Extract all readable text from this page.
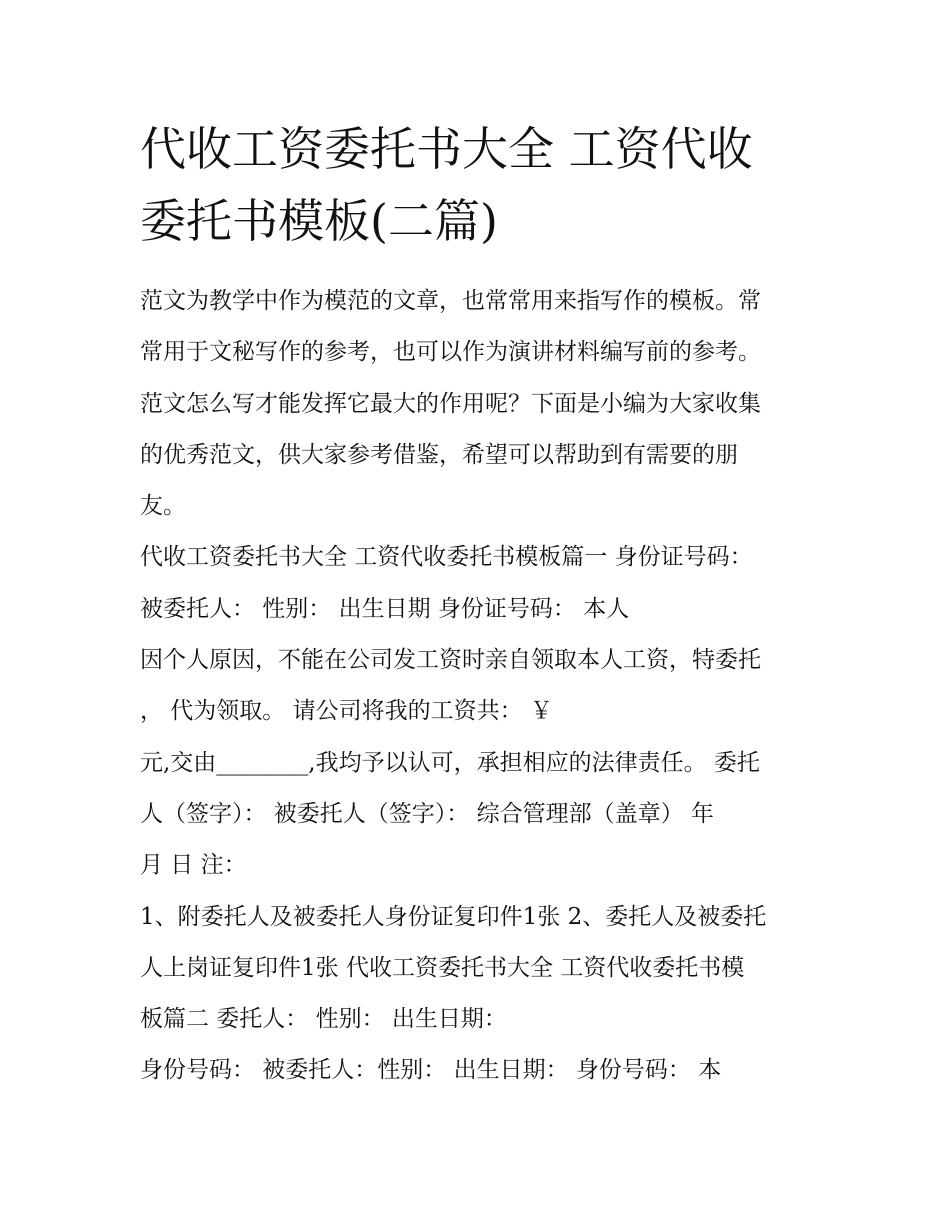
代收工资委托书大全 工资代收
委托书模板(二篇)
范文为教学中作为模范的文章，也常常用来指写作的模板。常
常用于文秘写作的参考，也可以作为演讲材料编写前的参考。
范文怎么写才能发挥它最大的作用呢？下面是小编为大家收集
的优秀范文，供大家参考借鉴，希望可以帮助到有需要的朋
友。
代收工资委托书大全 工资代收委托书模板篇一 身份证号码：
被委托人： 性别： 出生日期 身份证号码： 本人
因个人原因，不能在公司发工资时亲自领取本人工资，特委托
， 代为领取。 请公司将我的工资共： ￥
元,交由________,我均予以认可，承担相应的法律责任。 委托
人（签字）： 被委托人（签字）： 综合管理部（盖章） 年
月 日 注：
1、附委托人及被委托人身份证复印件1张 2、委托人及被委托
人上岗证复印件1张 代收工资委托书大全 工资代收委托书模
板篇二 委托人： 性别： 出生日期：
身份号码： 被委托人：性别： 出生日期： 身份号码： 本
